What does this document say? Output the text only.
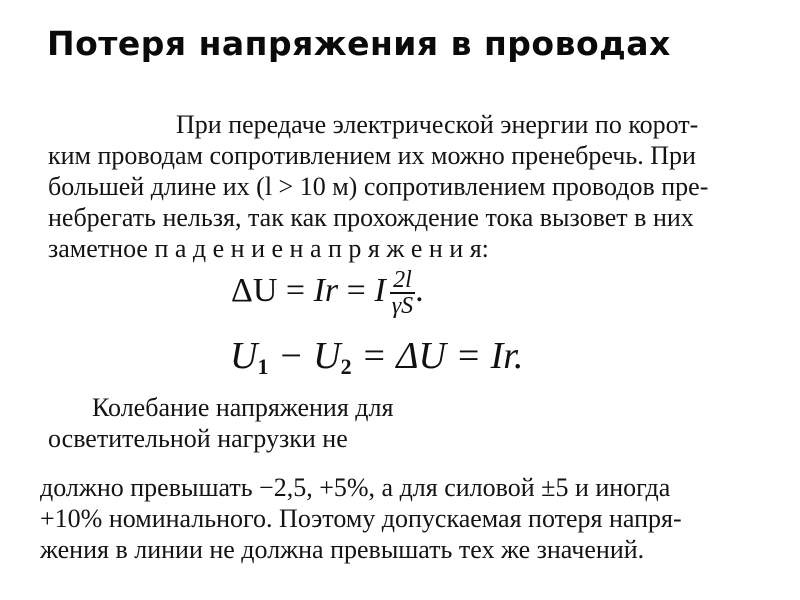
Потеря напряжения в проводах
При передаче электрической энергии по корот-
ким проводам сопротивлением их можно пренебречь. При
большей длине их (l > 10 м) сопротивлением проводов пре-
небрегать нельзя, так как прохождение тока вызовет в них
заметное п а д е н и е н а п р я ж е н и я:
ΔU = Ir = I $\frac{2l}{\gamma S}$ .
$U_1 - U_2 = \Delta U = Ir$.
Колебание напряжения для
осветительной нагрузки не
должно превышать −2,5, +5%, а для силовой ±5 и иногда
+10% номинального. Поэтому допускаемая потеря напря-
жения в линии не должна превышать тех же значений.
